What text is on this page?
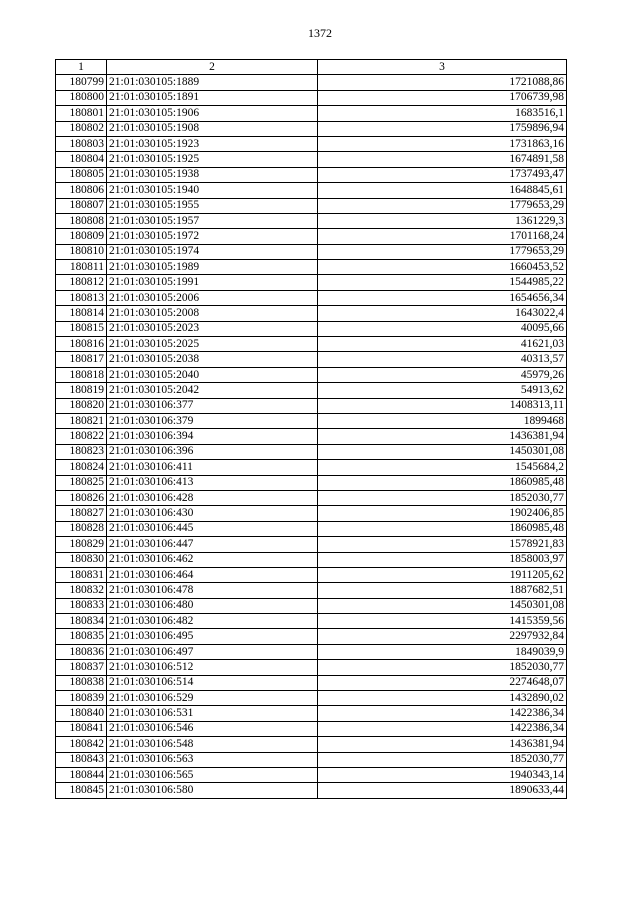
1372
1	2	3
180799	21:01:030105:1889	1721088,86
180800	21:01:030105:1891	1706739,98
180801	21:01:030105:1906	1683516,1
180802	21:01:030105:1908	1759896,94
180803	21:01:030105:1923	1731863,16
180804	21:01:030105:1925	1674891,58
180805	21:01:030105:1938	1737493,47
180806	21:01:030105:1940	1648845,61
180807	21:01:030105:1955	1779653,29
180808	21:01:030105:1957	1361229,3
180809	21:01:030105:1972	1701168,24
180810	21:01:030105:1974	1779653,29
180811	21:01:030105:1989	1660453,52
180812	21:01:030105:1991	1544985,22
180813	21:01:030105:2006	1654656,34
180814	21:01:030105:2008	1643022,4
180815	21:01:030105:2023	40095,66
180816	21:01:030105:2025	41621,03
180817	21:01:030105:2038	40313,57
180818	21:01:030105:2040	45979,26
180819	21:01:030105:2042	54913,62
180820	21:01:030106:377	1408313,11
180821	21:01:030106:379	1899468
180822	21:01:030106:394	1436381,94
180823	21:01:030106:396	1450301,08
180824	21:01:030106:411	1545684,2
180825	21:01:030106:413	1860985,48
180826	21:01:030106:428	1852030,77
180827	21:01:030106:430	1902406,85
180828	21:01:030106:445	1860985,48
180829	21:01:030106:447	1578921,83
180830	21:01:030106:462	1858003,97
180831	21:01:030106:464	1911205,62
180832	21:01:030106:478	1887682,51
180833	21:01:030106:480	1450301,08
180834	21:01:030106:482	1415359,56
180835	21:01:030106:495	2297932,84
180836	21:01:030106:497	1849039,9
180837	21:01:030106:512	1852030,77
180838	21:01:030106:514	2274648,07
180839	21:01:030106:529	1432890,02
180840	21:01:030106:531	1422386,34
180841	21:01:030106:546	1422386,34
180842	21:01:030106:548	1436381,94
180843	21:01:030106:563	1852030,77
180844	21:01:030106:565	1940343,14
180845	21:01:030106:580	1890633,44
